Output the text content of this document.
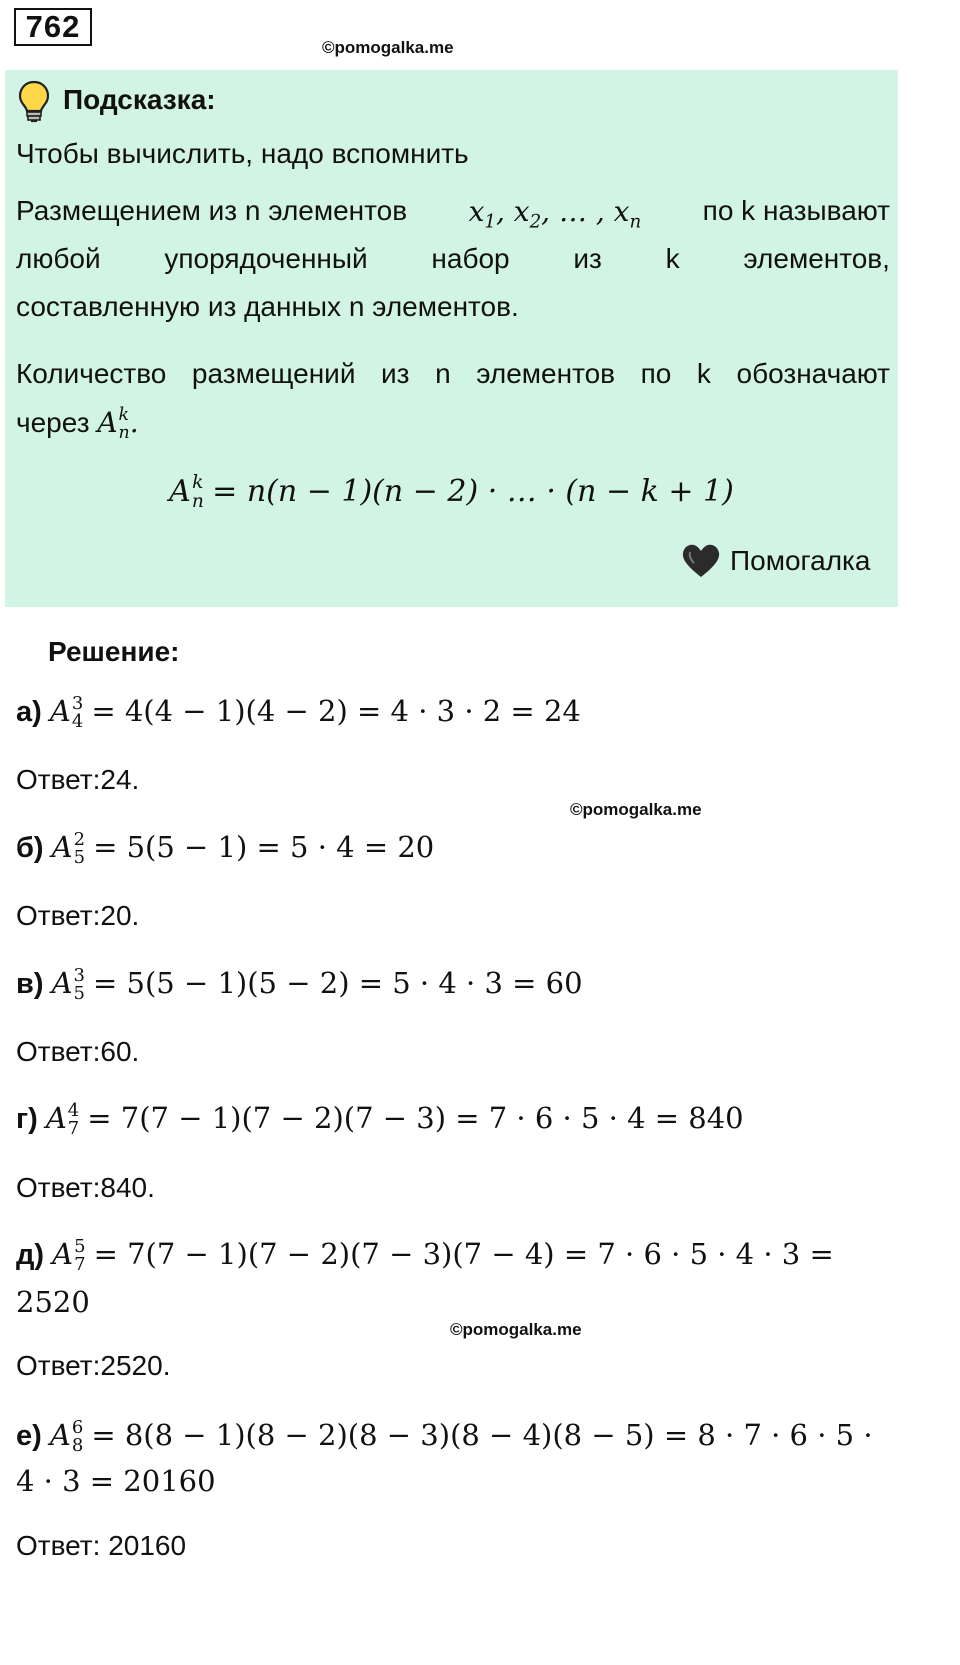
762
©pomogalka.me
Подсказка:
Чтобы вычислить, надо вспомнить
Размещением из n элементов $x_1$, $x_2$, … , $x_n$ по k называют
любой упорядоченный набор из k элементов,
составленную из данных n элементов.
Количество размещений из n элементов по k обозначают
через A k
n .
A k
n = n(n − 1)(n − 2) · … · (n − k + 1)
Помогалка
Решение:
а) A 3
4 = 4(4 − 1)(4 − 2) = 4 · 3 · 2 = 24
Ответ:24.
©pomogalka.me
б) A 2
5 = 5(5 − 1) = 5 · 4 = 20
Ответ:20.
в) A 3
5 = 5(5 − 1)(5 − 2) = 5 · 4 · 3 = 60
Ответ:60.
г) A 4
7 = 7(7 − 1)(7 − 2)(7 − 3) = 7 · 6 · 5 · 4 = 840
Ответ:840.
д) A 5
7 = 7(7 − 1)(7 − 2)(7 − 3)(7 − 4) = 7 · 6 · 5 · 4 · 3 =
2520
©pomogalka.me
Ответ:2520.
е) A 6
8 = 8(8 − 1)(8 − 2)(8 − 3)(8 − 4)(8 − 5) = 8 · 7 · 6 · 5 ·
4 · 3 = 20160
Ответ: 20160
